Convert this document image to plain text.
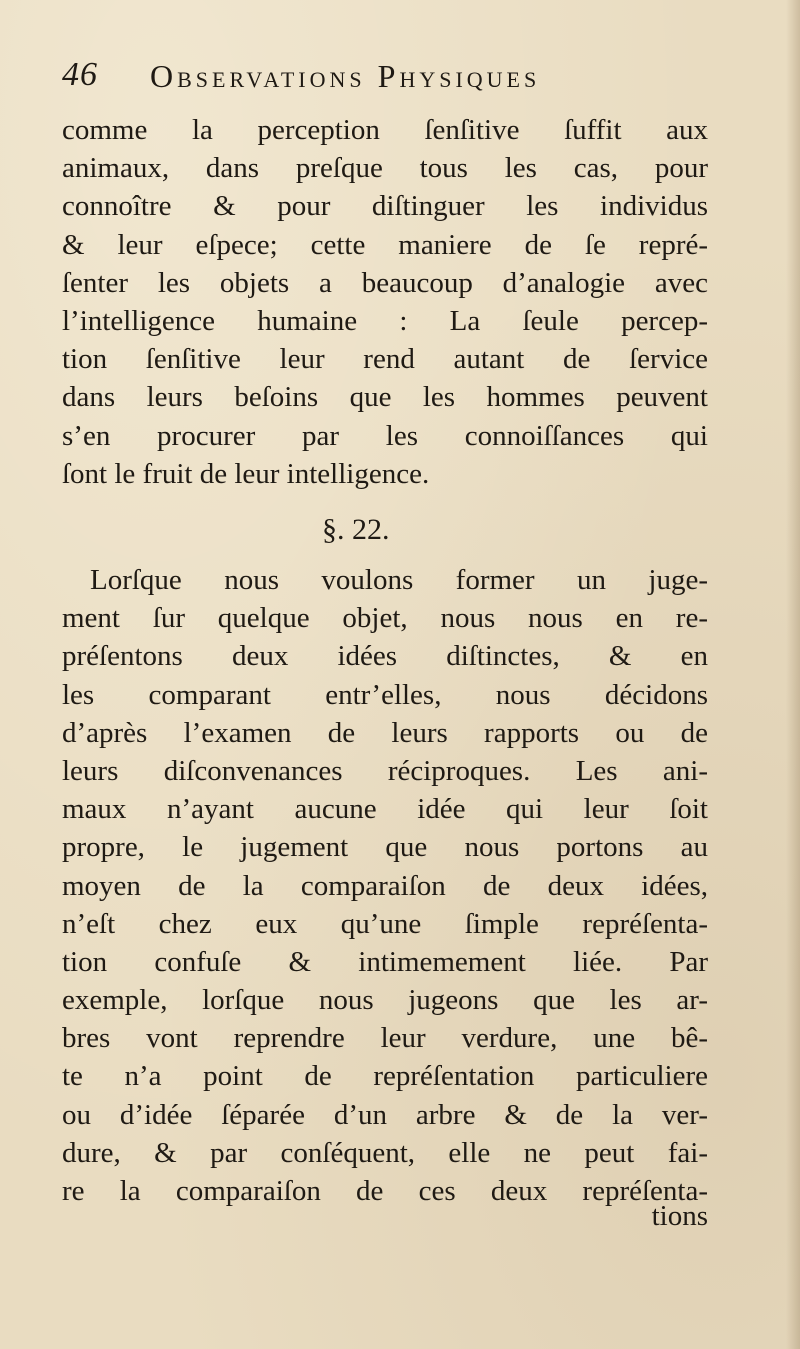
46 Observations Physiques
comme la perception ſenſitive ſuffit aux
animaux, dans preſque tous les cas, pour
connoître & pour diſtinguer les individus
& leur eſpece; cette maniere de ſe repré-
ſenter les objets a beaucoup d’analogie avec
l’intelligence humaine : La ſeule percep-
tion ſenſitive leur rend autant de ſervice
dans leurs beſoins que les hommes peuvent
s’en procurer par les connoiſſances qui
ſont le fruit de leur intelligence.
§. 22.
Lorſque nous voulons former un juge-
ment ſur quelque objet, nous nous en re-
préſentons deux idées diſtinctes, & en
les comparant entr’elles, nous décidons
d’après l’examen de leurs rapports ou de
leurs diſconvenances réciproques. Les ani-
maux n’ayant aucune idée qui leur ſoit
propre, le jugement que nous portons au
moyen de la comparaiſon de deux idées,
n’eſt chez eux qu’une ſimple repréſenta-
tion confuſe & intimemement liée. Par
exemple, lorſque nous jugeons que les ar-
bres vont reprendre leur verdure, une bê-
te n’a point de repréſentation particuliere
ou d’idée ſéparée d’un arbre & de la ver-
dure, & par conſéquent, elle ne peut fai-
re la comparaiſon de ces deux repréſenta-
tions
